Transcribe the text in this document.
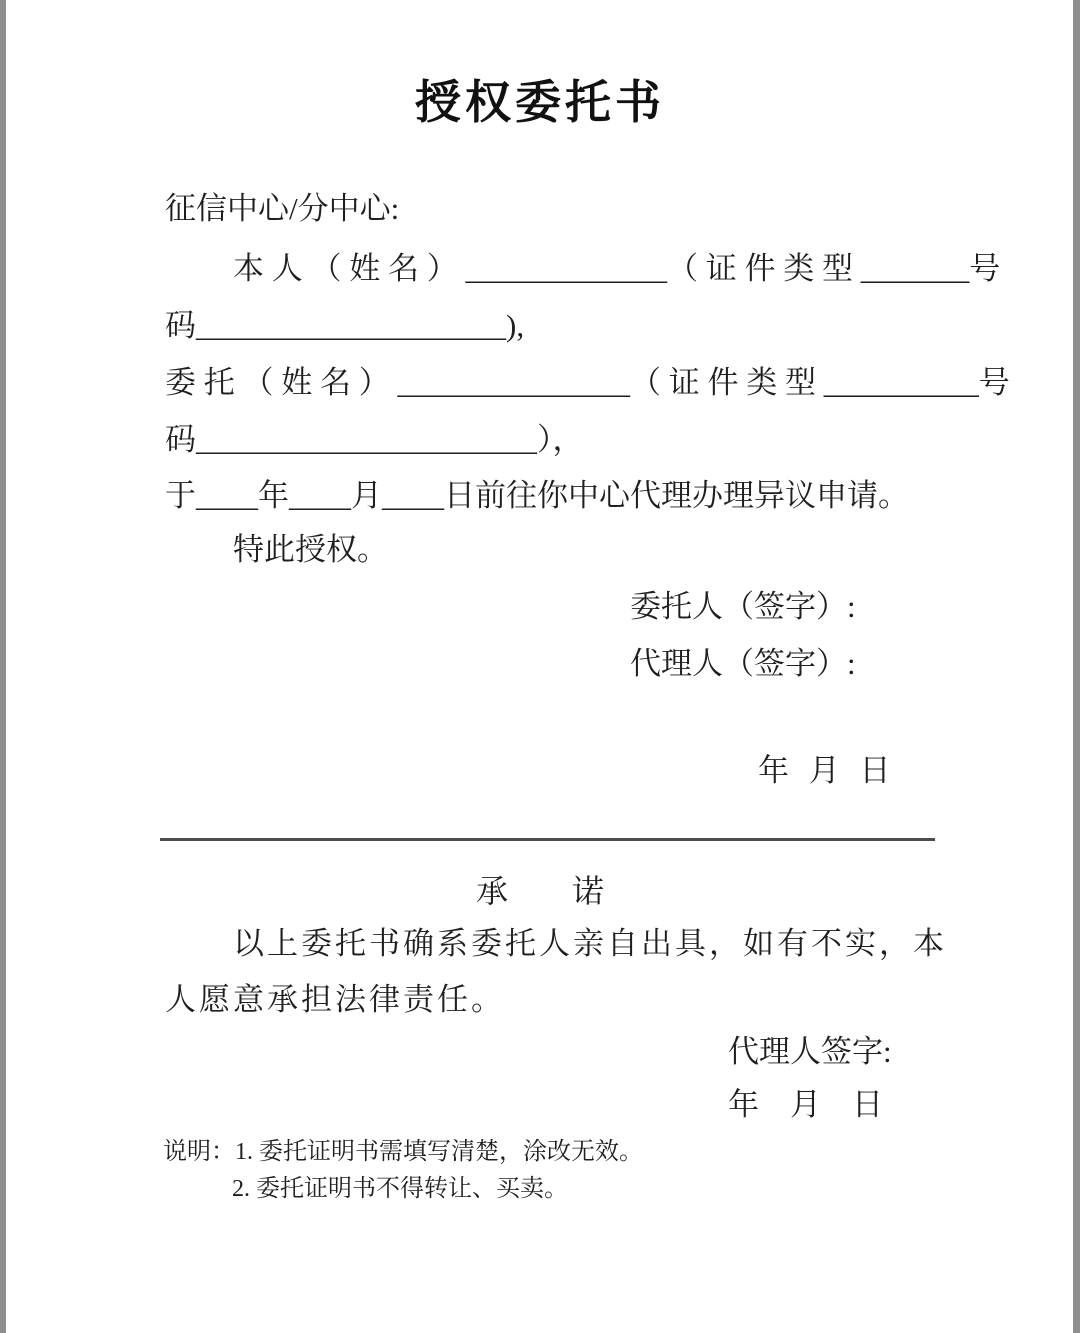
授权委托书
征信中心/分中心:
本 人 （ 姓 名 ） _____________（ 证 件 类 型 _______号
码____________________),
委 托 （ 姓 名 ） _______________（ 证 件 类 型 __________号
码______________________），
于____年____月____日前往你中心代理办理异议申请。
特此授权。
委托人（签字）:
代理人（签字）:
年 月 日
承　　诺
以上委托书确系委托人亲自出具，如有不实，本
人愿意承担法律责任。
代理人签字:
年　月　日
说明：1. 委托证明书需填写清楚，涂改无效。
2. 委托证明书不得转让、买卖。
